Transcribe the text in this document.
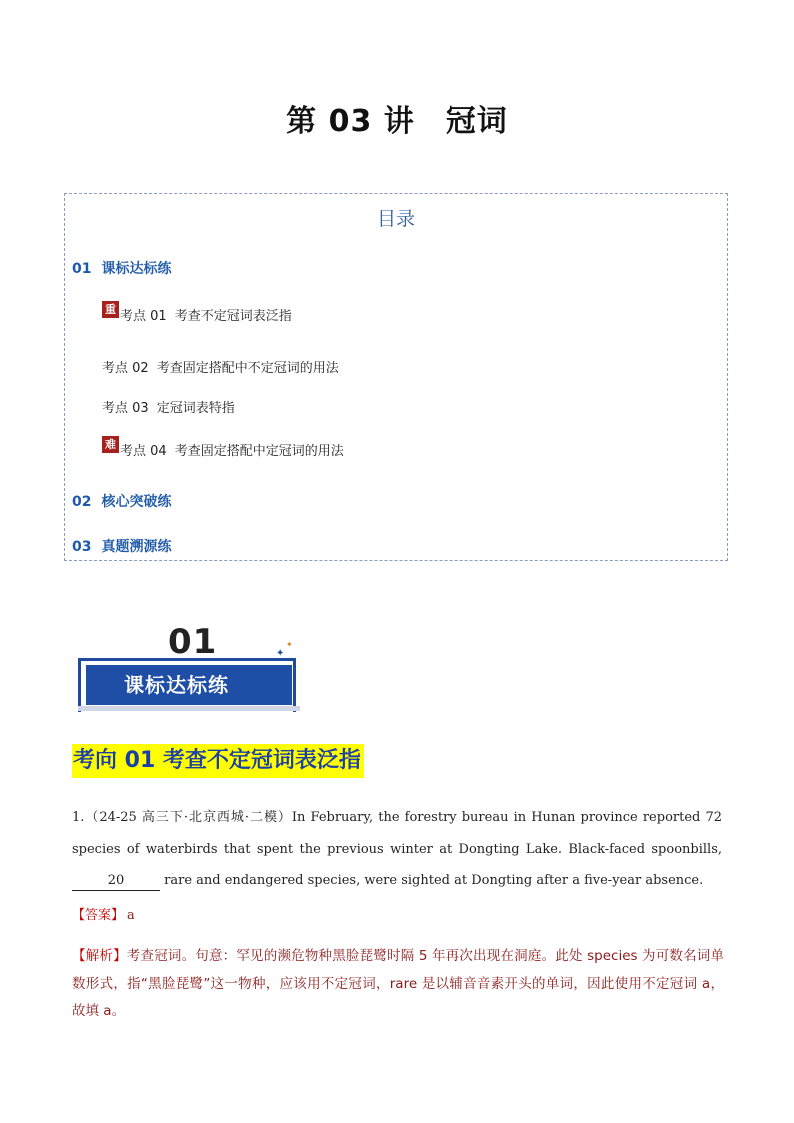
第 03 讲　冠词
目录
01 课标达标练
重 考点 01 考查不定冠词表泛指
考点 02 考查固定搭配中不定冠词的用法
考点 03 定冠词表特指
难 考点 04 考查固定搭配中定冠词的用法
02 核心突破练
03 真题溯源练
01
课标达标练
✦
✦
考向 01 考查不定冠词表泛指
1.（24-25 高三下·北京西城·二模）In February, the forestry bureau in Hunan province reported 72 species of waterbirds that spent the previous winter at Dongting Lake. Black-faced spoonbills, 20	rare and endangered species, were sighted at Dongting after a five-year absence.
【答案】 a
【解析】考查冠词。句意：罕见的濒危物种黑脸琵鹭时隔 5 年再次出现在洞庭。此处 species 为可数名词单数形式，指“黑脸琵鹭”这一物种，应该用不定冠词，rare 是以辅音音素开头的单词，因此使用不定冠词 a，故填 a。
